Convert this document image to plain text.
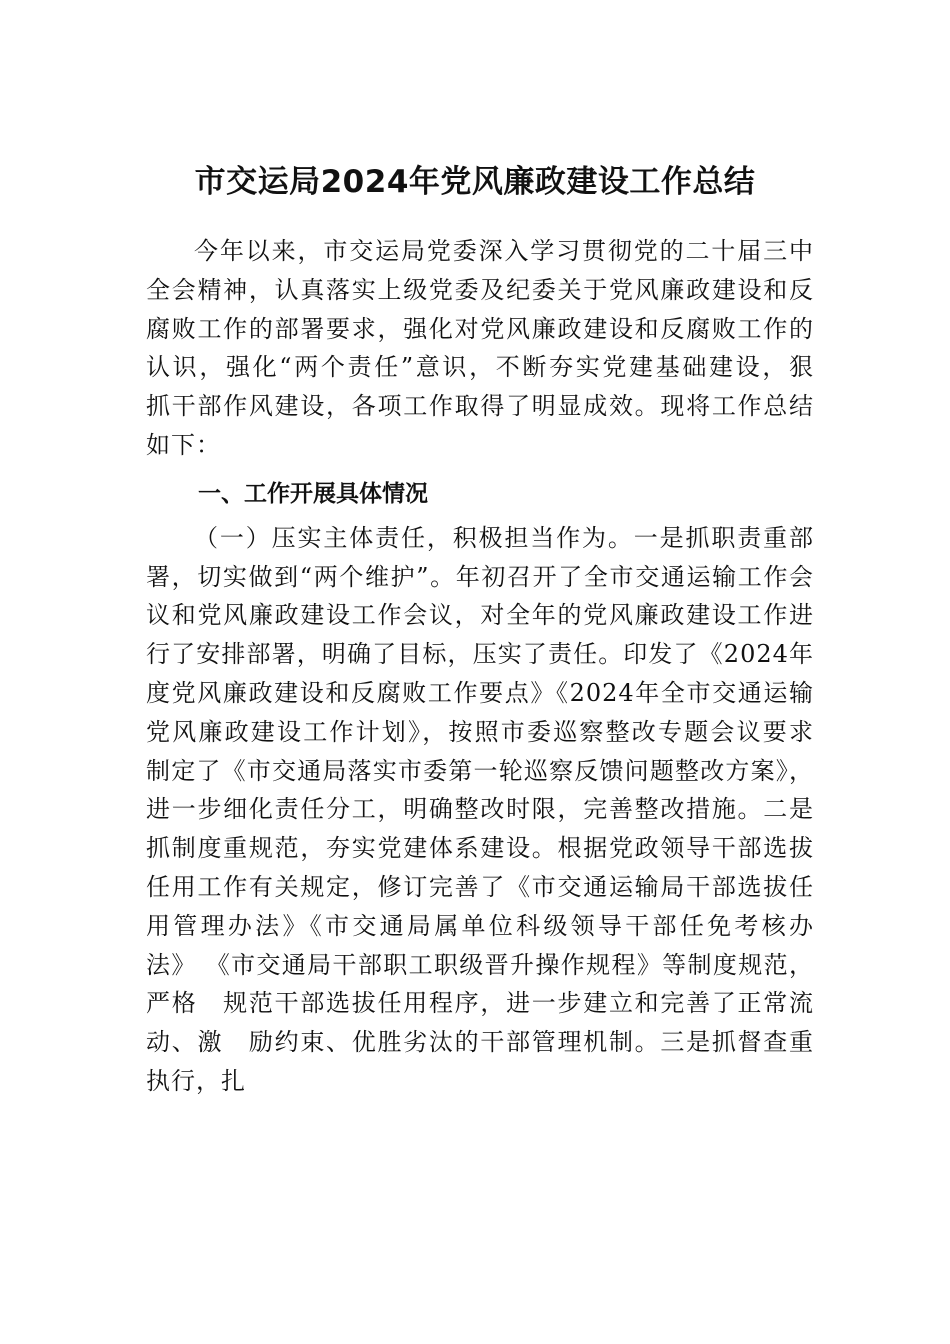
市交运局2024年党风廉政建设工作总结
今年以来，市交运局党委深入学习贯彻党的二十届三中
全会精神，认真落实上级党委及纪委关于党风廉政建设和反
腐败工作的部署要求，强化对党风廉政建设和反腐败工作的
认识，强化“两个责任”意识，不断夯实党建基础建设，狠
抓干部作风建设，各项工作取得了明显成效。现将工作总结
如下：
一、工作开展具体情况
（一）压实主体责任，积极担当作为。一是抓职责重部
署，切实做到“两个维护”。年初召开了全市交通运输工作会
议和党风廉政建设工作会议，对全年的党风廉政建设工作进
行了安排部署，明确了目标，压实了责任。印发了《2024年
度党风廉政建设和反腐败工作要点》《2024年全市交通运输
党风廉政建设工作计划》，按照市委巡察整改专题会议要求
制定了《市交通局落实市委第一轮巡察反馈问题整改方案》，
进一步细化责任分工，明确整改时限，完善整改措施。二是
抓制度重规范，夯实党建体系建设。根据党政领导干部选拔
任用工作有关规定，修订完善了《市交通运输局干部选拔任
用管理办法》《市交通局属单位科级领导干部任免考核办
法》 《市交通局干部职工职级晋升操作规程》等制度规范，
严格　规范干部选拔任用程序，进一步建立和完善了正常流
动、激　励约束、优胜劣汰的干部管理机制。三是抓督查重
执行，扎
